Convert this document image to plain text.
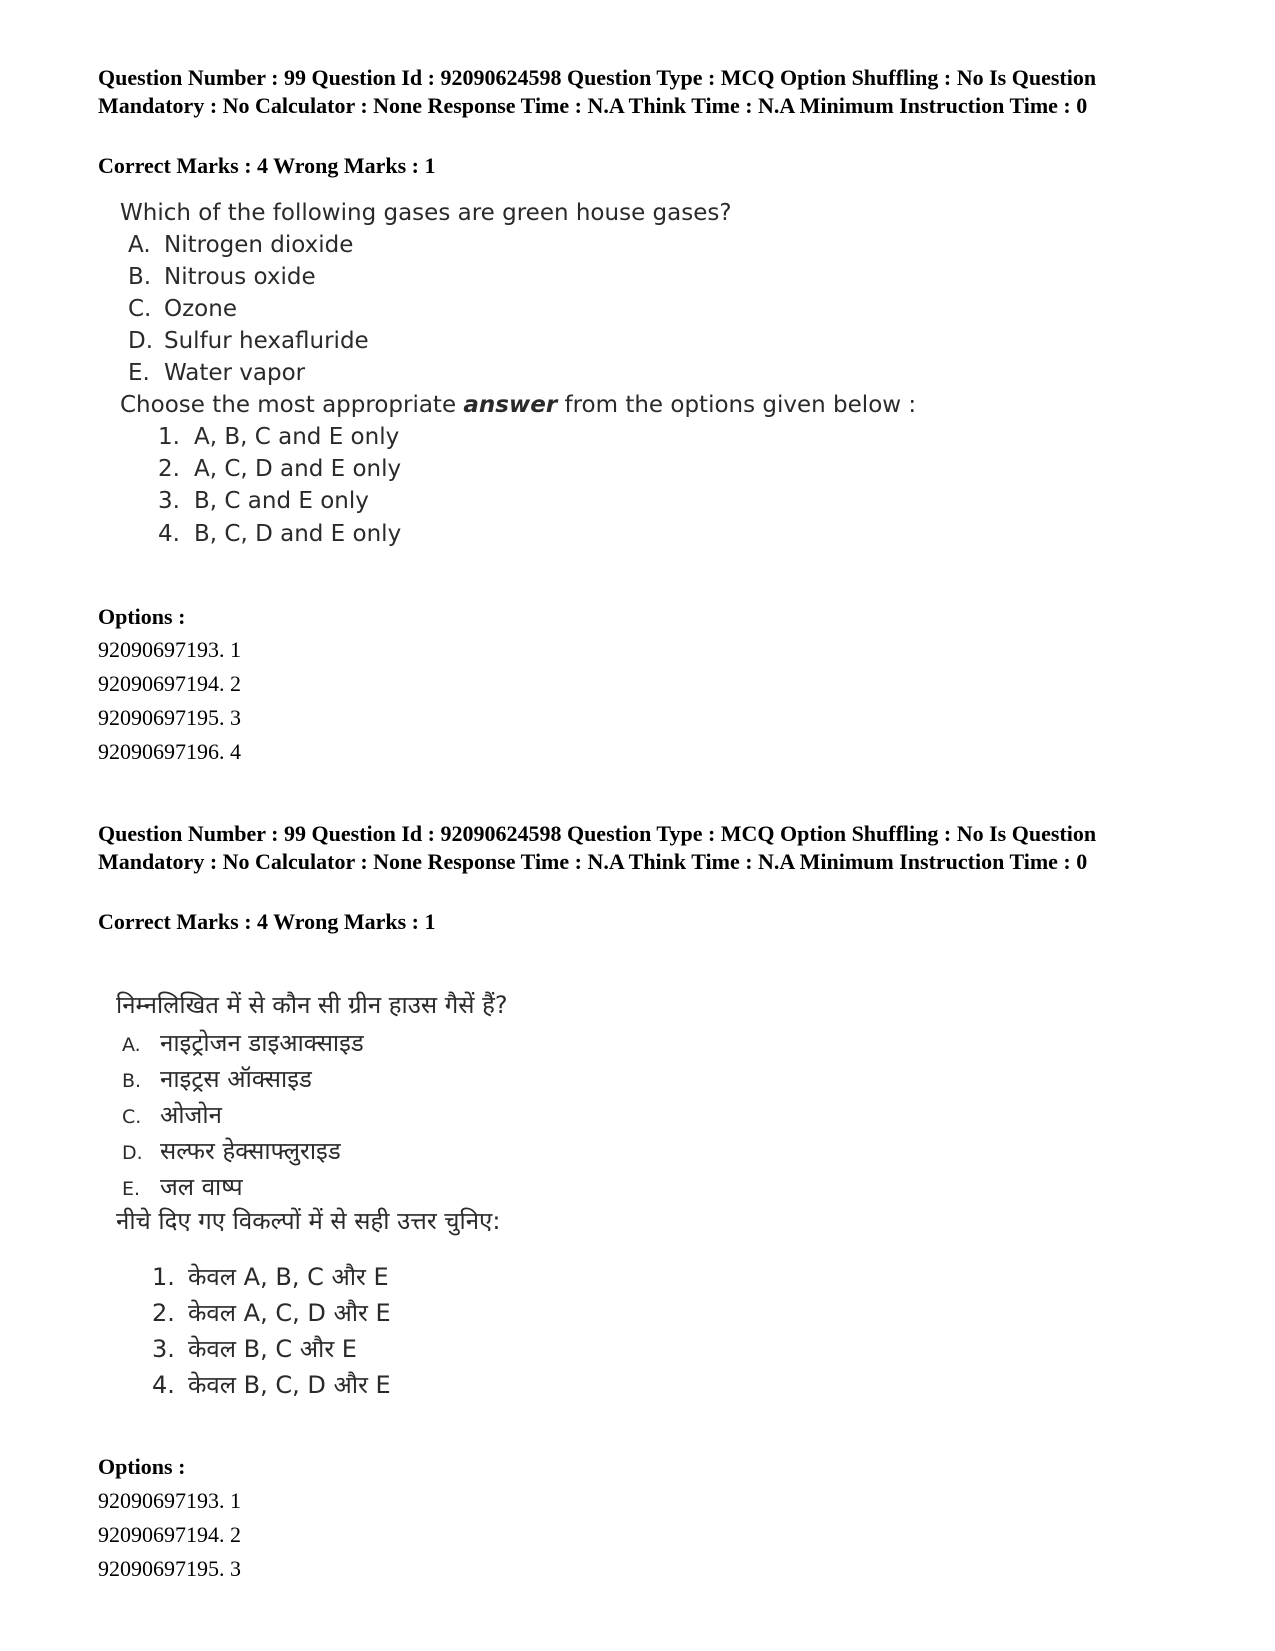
Question Number : 99 Question Id : 92090624598 Question Type : MCQ Option Shuffling : No Is Question Mandatory : No Calculator : None Response Time : N.A Think Time : N.A Minimum Instruction Time : 0
Correct Marks : 4 Wrong Marks : 1
Which of the following gases are green house gases?
A. Nitrogen dioxide
B. Nitrous oxide
C. Ozone
D. Sulfur hexafluride
E. Water vapor
Choose the most appropriate answer from the options given below :
1. A, B, C and E only
2. A, C, D and E only
3. B, C and E only
4. B, C, D and E only
Options :
92090697193. 1
92090697194. 2
92090697195. 3
92090697196. 4
Question Number : 99 Question Id : 92090624598 Question Type : MCQ Option Shuffling : No Is Question Mandatory : No Calculator : None Response Time : N.A Think Time : N.A Minimum Instruction Time : 0
Correct Marks : 4 Wrong Marks : 1
निम्नलिखित में से कौन सी ग्रीन हाउस गैसें हैं?
A. नाइट्रोजन डाइआक्साइड
B. नाइट्रस ऑक्साइड
C. ओजोन
D. सल्फर हेक्साफ्लुराइड
E. जल वाष्प
नीचे दिए गए विकल्पों में से सही उत्तर चुनिए:
1. केवल A, B, C और E
2. केवल A, C, D और E
3. केवल B, C और E
4. केवल B, C, D और E
Options :
92090697193. 1
92090697194. 2
92090697195. 3
